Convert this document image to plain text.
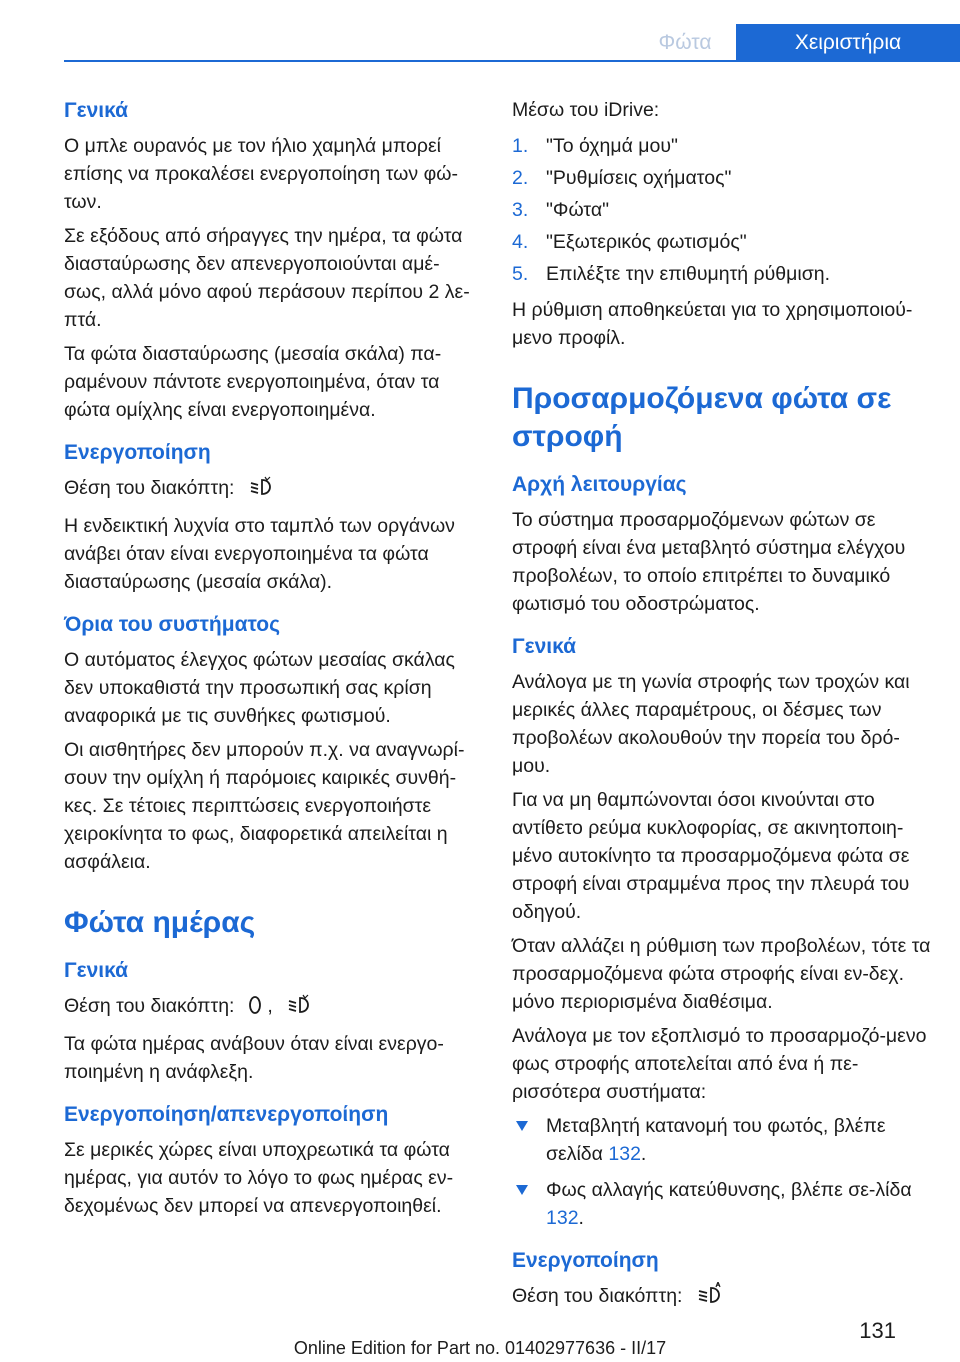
Φώτα	Χειριστήρια
Γενικά

Ο μπλε ουρανός με τον ήλιο χαμηλά μπορεί επίσης να προκαλέσει ενεργοποίηση των φώ-των.

Σε εξόδους από σήραγγες την ημέρα, τα φώτα διασταύρωσης δεν απενεργοποιούνται αμέ-σως, αλλά μόνο αφού περάσουν περίπου 2 λε-πτά.

Τα φώτα διασταύρωσης (μεσαία σκάλα) πα-ραμένουν πάντοτε ενεργοποιημένα, όταν τα φώτα ομίχλης είναι ενεργοποιημένα.

Ενεργοποίηση

Θέση του διακόπτη:

Η ενδεικτική λυχνία στο ταμπλό των οργάνων ανάβει όταν είναι ενεργοποιημένα τα φώτα διασταύρωσης (μεσαία σκάλα).

Όρια του συστήματος

Ο αυτόματος έλεγχος φώτων μεσαίας σκάλας δεν υποκαθιστά την προσωπική σας κρίση αναφορικά με τις συνθήκες φωτισμού.

Οι αισθητήρες δεν μπορούν π.χ. να αναγνωρί-σουν την ομίχλη ή παρόμοιες καιρικές συνθή-κες. Σε τέτοιες περιπτώσεις ενεργοποιήστε χειροκίνητα το φως, διαφορετικά απειλείται η ασφάλεια.

Φώτα ημέρας
Γενικά

Θέση του διακόπτη: ,

Τα φώτα ημέρας ανάβουν όταν είναι ενεργο-ποιημένη η ανάφλεξη.

Ενεργοποίηση/απενεργοποίηση

Σε μερικές χώρες είναι υποχρεωτικά τα φώτα ημέρας, για αυτόν το λόγο το φως ημέρας εν-δεχομένως δεν μπορεί να απενεργοποιηθεί.

Μέσω του iDrive:

1. "Το όχημά μου"
2. "Ρυθμίσεις οχήματος"
3. "Φώτα"
4. "Εξωτερικός φωτισμός"
5. Επιλέξτε την επιθυμητή ρύθμιση.

Η ρύθμιση αποθηκεύεται για το χρησιμοποιού-μενο προφίλ.

Προσαρμοζόμενα φώτα σε στροφή
Αρχή λειτουργίας

Το σύστημα προσαρμοζόμενων φώτων σε στροφή είναι ένα μεταβλητό σύστημα ελέγχου προβολέων, το οποίο επιτρέπει το δυναμικό φωτισμό του οδοστρώματος.

Γενικά

Ανάλογα με τη γωνία στροφής των τροχών και μερικές άλλες παραμέτρους, οι δέσμες των προβολέων ακολουθούν την πορεία του δρό-μου.

Για να μη θαμπώνονται όσοι κινούνται στο αντίθετο ρεύμα κυκλοφορίας, σε ακινητοποιη-μένο αυτοκίνητο τα προσαρμοζόμενα φώτα σε στροφή είναι στραμμένα προς την πλευρά του οδηγού.

Όταν αλλάζει η ρύθμιση των προβολέων, τότε τα προσαρμοζόμενα φώτα στροφής είναι εν-δεχ. μόνο περιορισμένα διαθέσιμα.

Ανάλογα με τον εξοπλισμό το προσαρμοζό-μενο φως στροφής αποτελείται από ένα ή πε-ρισσότερα συστήματα:

Μεταβλητή κατανομή του φωτός, βλέπε σελίδα 132.
Φως αλλαγής κατεύθυνσης, βλέπε σε-λίδα 132.
Ενεργοποίηση

Θέση του διακόπτη:

131
Online Edition for Part no. 01402977636 - II/17
